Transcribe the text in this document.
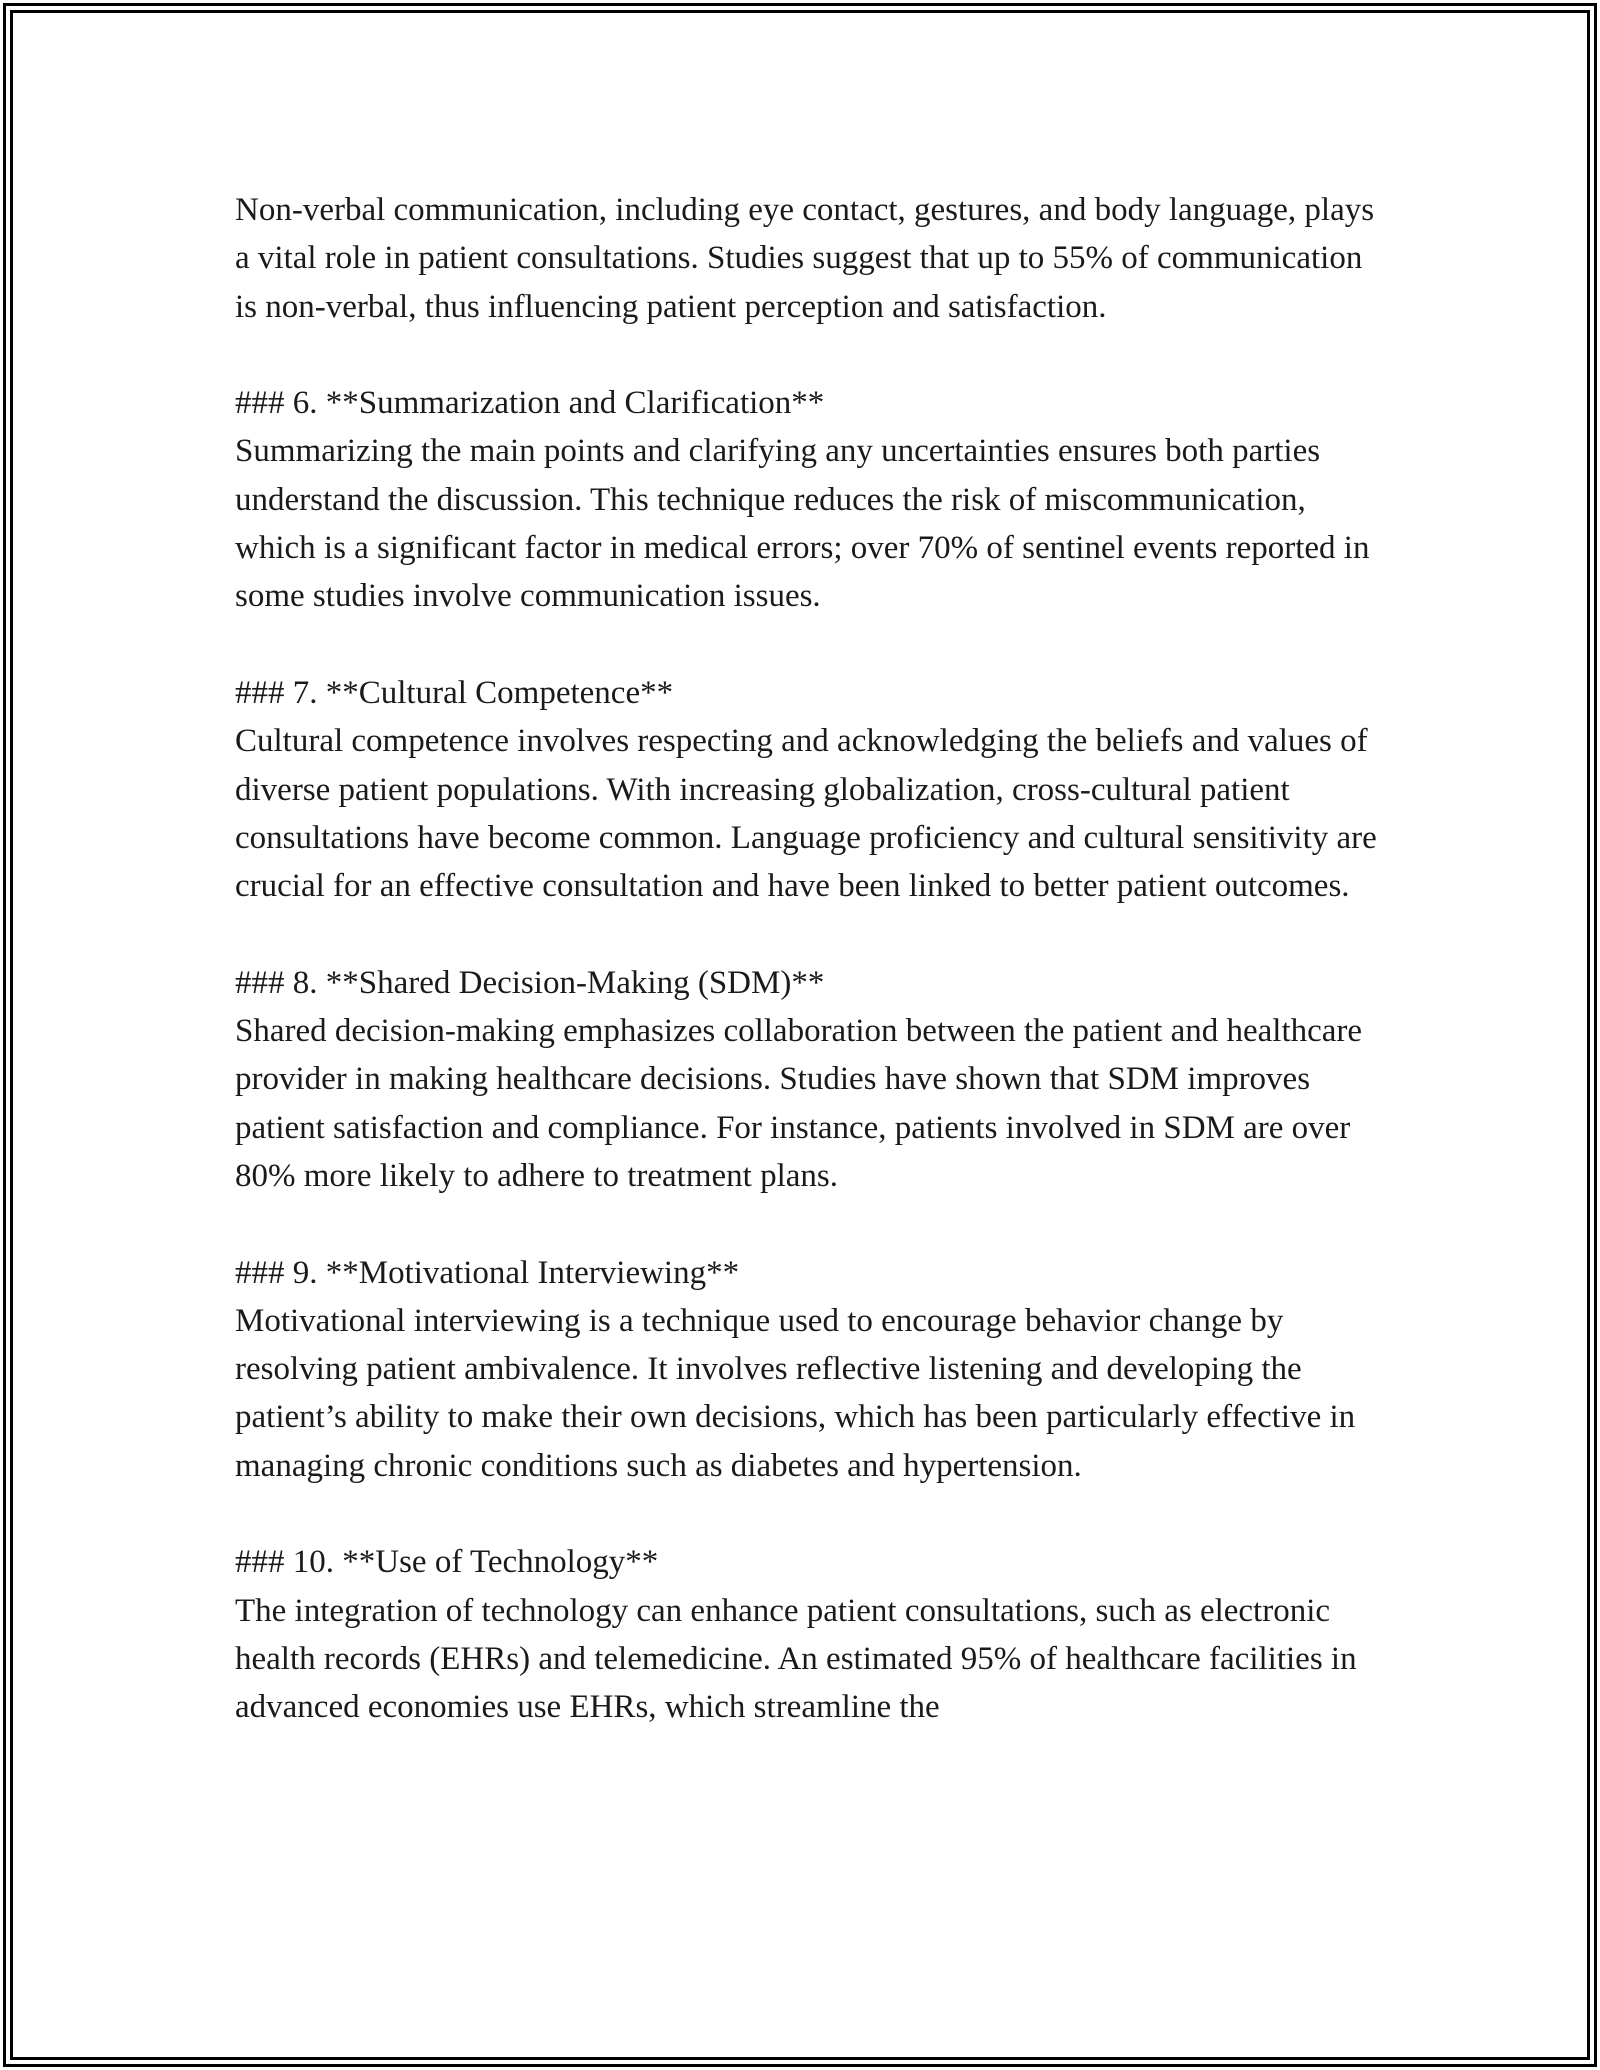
Non-verbal communication, including eye contact, gestures, and body language, plays a vital role in patient consultations. Studies suggest that up to 55% of communication is non-verbal, thus influencing patient perception and satisfaction.

### 6. **Summarization and Clarification**

Summarizing the main points and clarifying any uncertainties ensures both parties understand the discussion. This technique reduces the risk of miscommunication, which is a significant factor in medical errors; over 70% of sentinel events reported in some studies involve communication issues.

### 7. **Cultural Competence**

Cultural competence involves respecting and acknowledging the beliefs and values of diverse patient populations. With increasing globalization, cross-cultural patient consultations have become common. Language proficiency and cultural sensitivity are crucial for an effective consultation and have been linked to better patient outcomes.

### 8. **Shared Decision-Making (SDM)**

Shared decision-making emphasizes collaboration between the patient and healthcare provider in making healthcare decisions. Studies have shown that SDM improves patient satisfaction and compliance. For instance, patients involved in SDM are over 80% more likely to adhere to treatment plans.

### 9. **Motivational Interviewing**

Motivational interviewing is a technique used to encourage behavior change by resolving patient ambivalence. It involves reflective listening and developing the patient’s ability to make their own decisions, which has been particularly effective in managing chronic conditions such as diabetes and hypertension.

### 10. **Use of Technology**

The integration of technology can enhance patient consultations, such as electronic health records (EHRs) and telemedicine. An estimated 95% of healthcare facilities in advanced economies use EHRs, which streamline the
